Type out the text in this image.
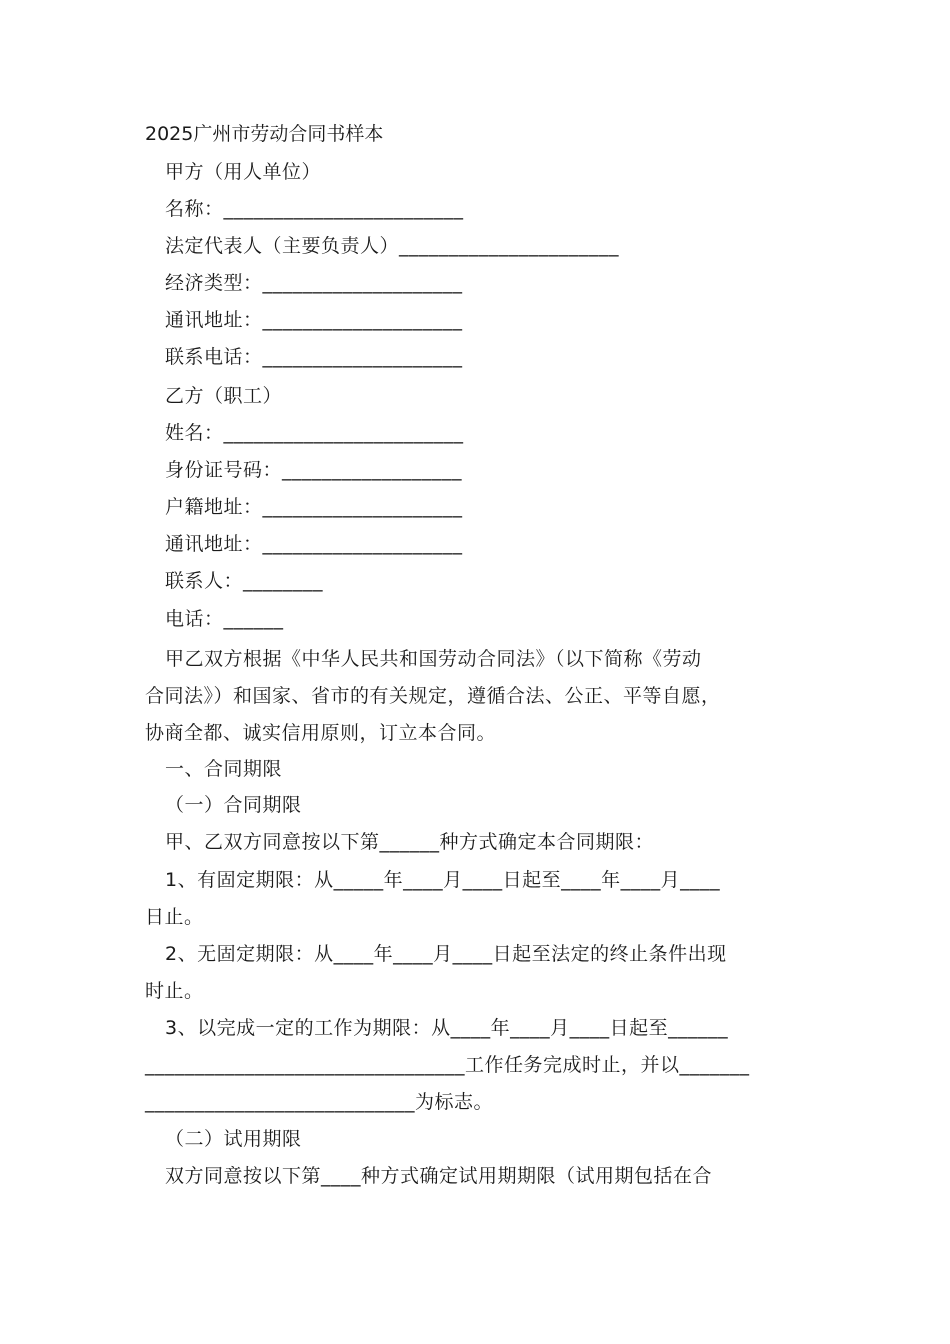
2025广州市劳动合同书样本
甲方（用人单位）
名称：________________________
法定代表人（主要负责人）______________________
经济类型：____________________
通讯地址：____________________
联系电话：____________________
乙方（职工）
姓名：________________________
身份证号码：__________________
户籍地址：____________________
通讯地址：____________________
联系人：________
电话：______
甲乙双方根据《中华人民共和国劳动合同法》（以下简称《劳动
合同法》）和国家、省市的有关规定，遵循合法、公正、平等自愿，
协商全都、诚实信用原则，订立本合同。
一、合同期限
（一）合同期限
甲、乙双方同意按以下第______种方式确定本合同期限：
1、有固定期限：从_____年____月____日起至____年____月____
日止。
2、无固定期限：从____年____月____日起至法定的终止条件出现
时止。
3、以完成一定的工作为期限：从____年____月____日起至______
________________________________工作任务完成时止，并以_______
___________________________为标志。
（二）试用期限
双方同意按以下第____种方式确定试用期期限（试用期包括在合
